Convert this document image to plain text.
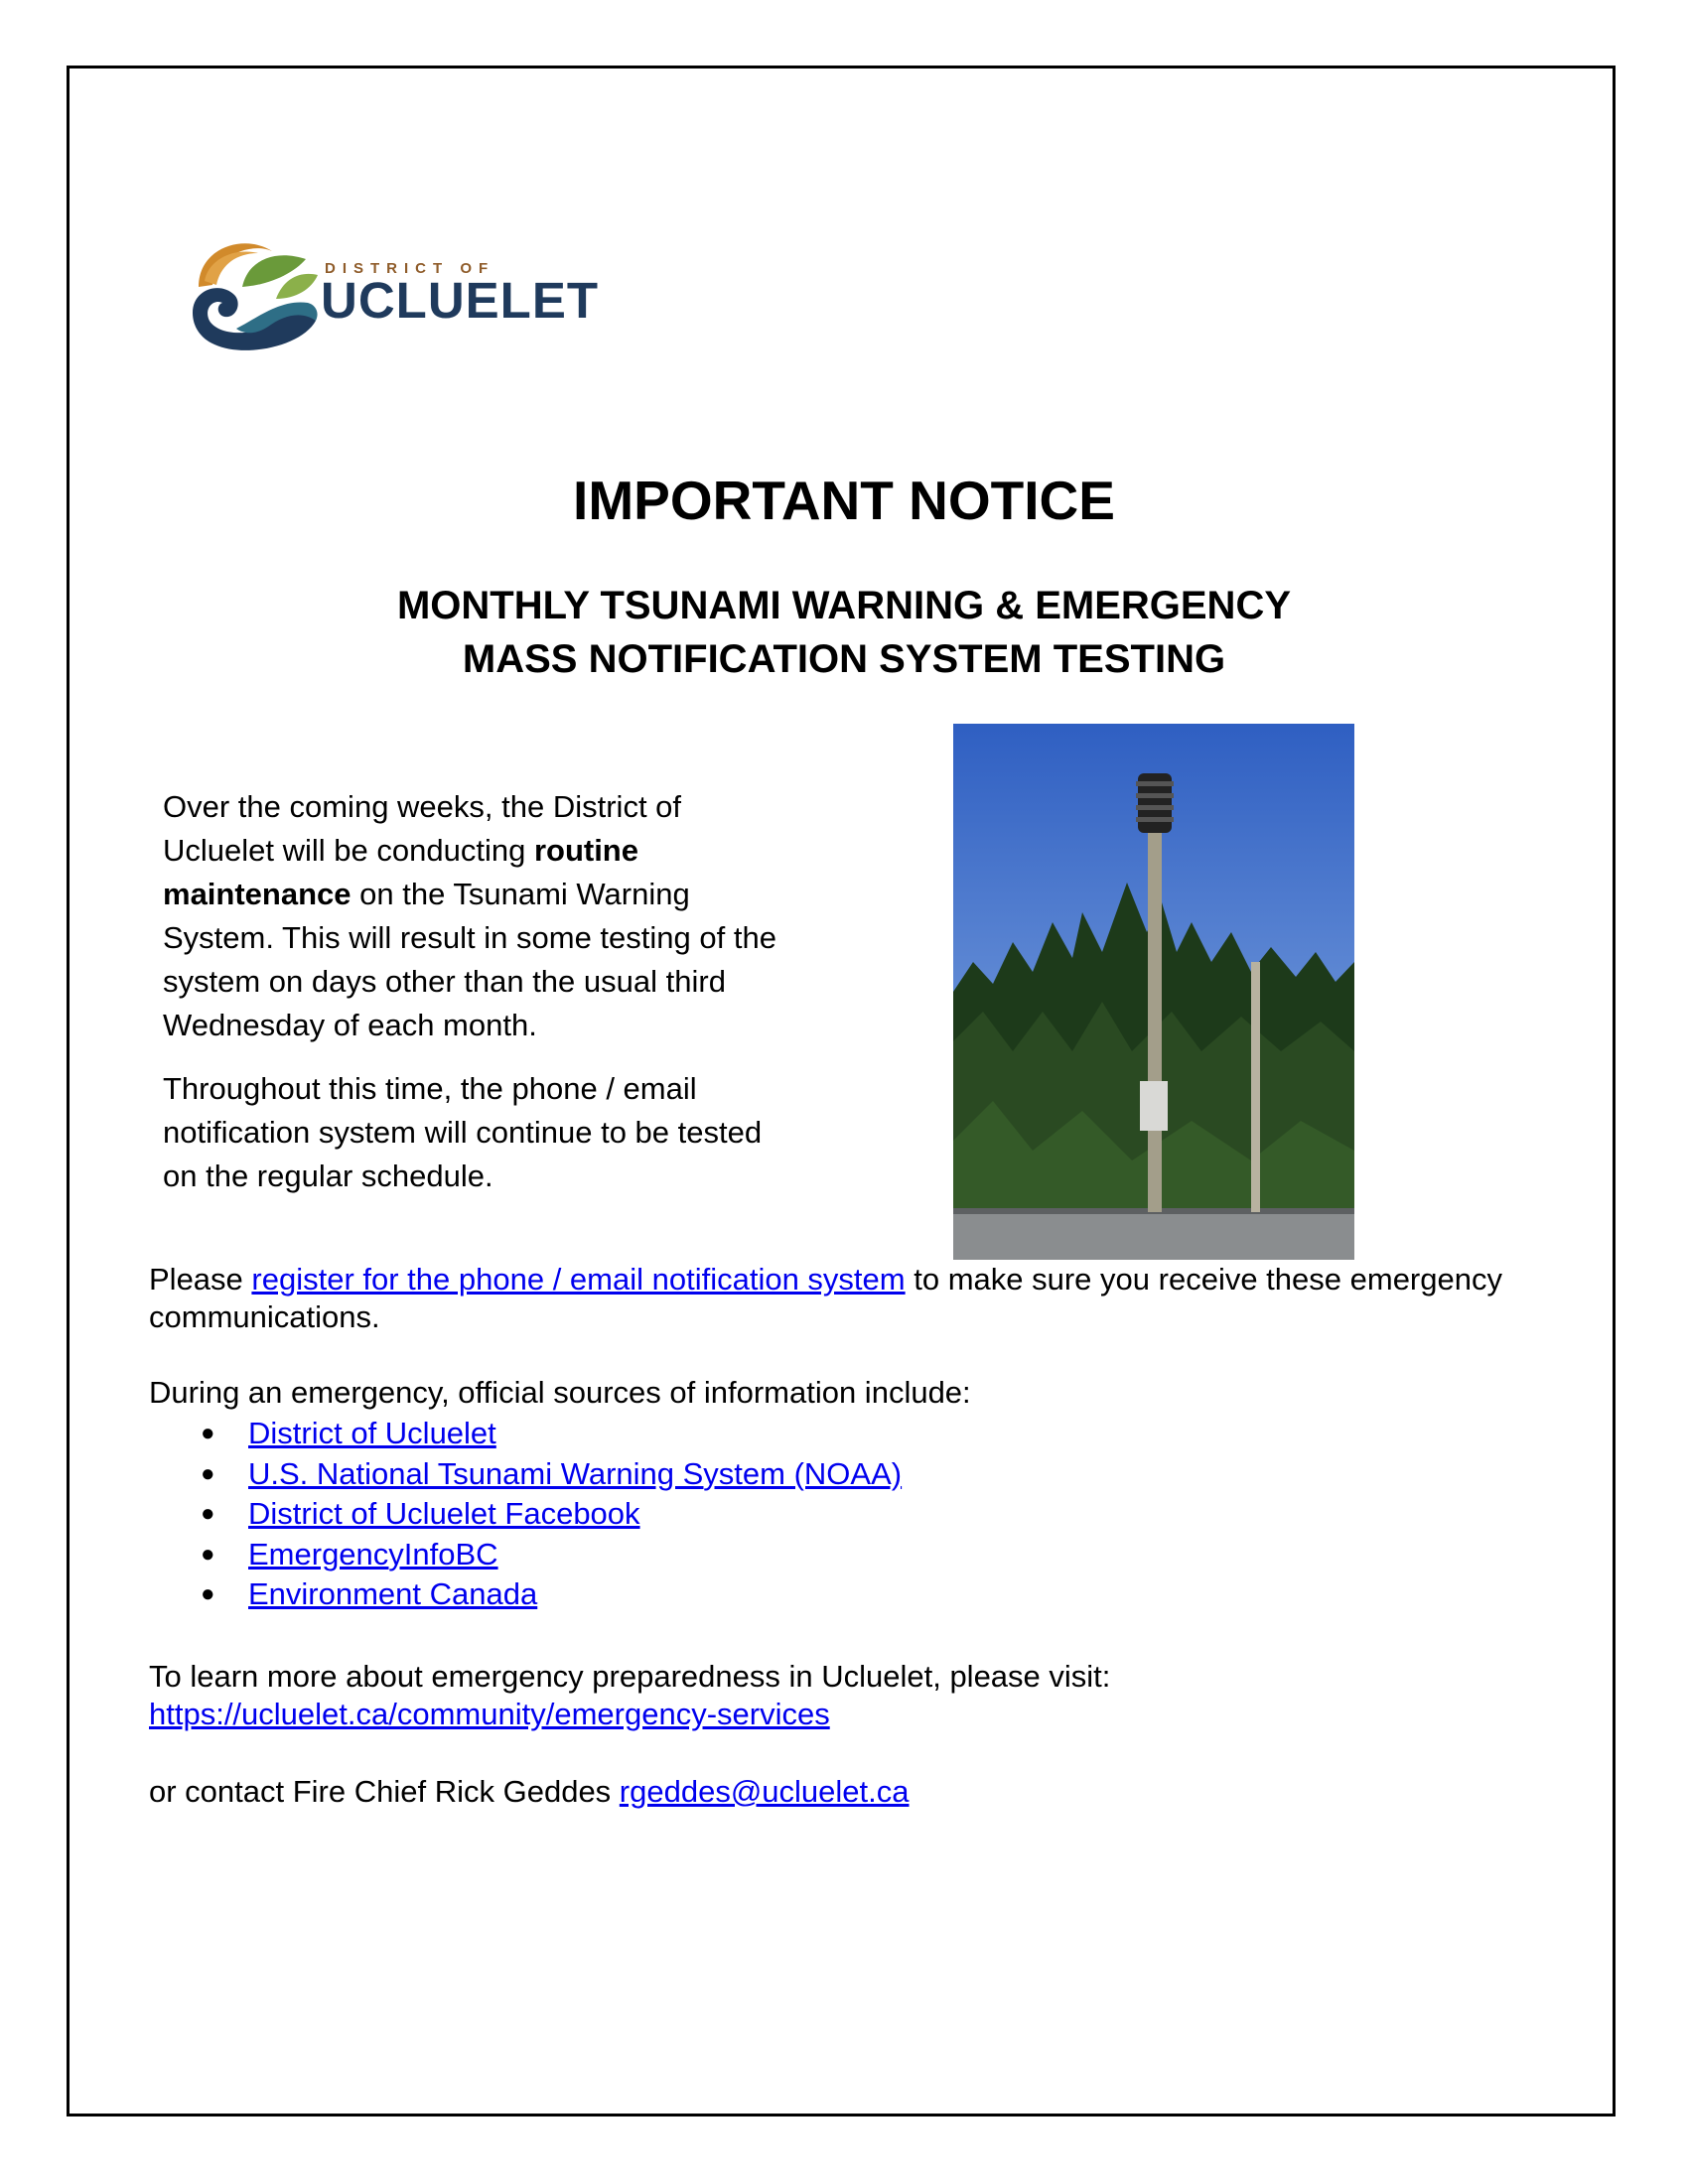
DISTRICT OF
UCLUELET
IMPORTANT NOTICE
MONTHLY TSUNAMI WARNING & EMERGENCY
MASS NOTIFICATION SYSTEM TESTING

Over the coming weeks, the District of Ucluelet will be conducting routine maintenance on the Tsunami Warning System. This will result in some testing of the system on days other than the usual third Wednesday of each month.

Throughout this time, the phone / email notification system will continue to be tested on the regular schedule.

Please register for the phone / email notification system to make sure you receive these emergency communications.

During an emergency, official sources of information include:

● District of Ucluelet
● U.S. National Tsunami Warning System (NOAA)
● District of Ucluelet Facebook
● EmergencyInfoBC
● Environment Canada
To learn more about emergency preparedness in Ucluelet, please visit:
https://ucluelet.ca/community/emergency-services
or contact Fire Chief Rick Geddes rgeddes@ucluelet.ca
